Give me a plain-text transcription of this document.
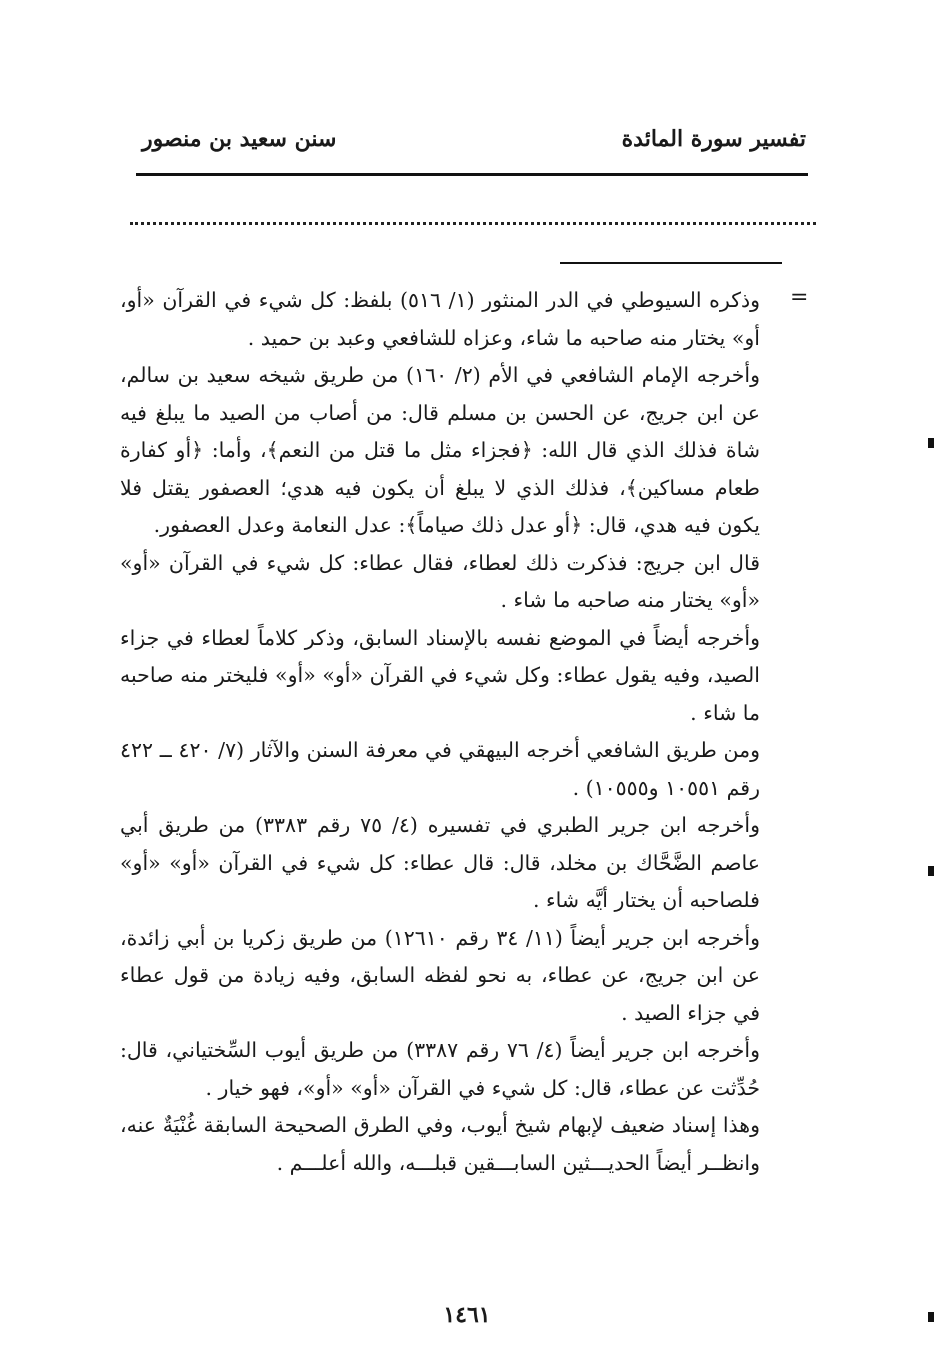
تفسير سورة المائدة
سنن سعيد بن منصور
=

وذكره السيوطي في الدر المنثور (١/ ٥١٦) بلفظ: كل شيء في القرآن «أو، أو» يختار منه صاحبه ما شاء، وعزاه للشافعي وعبد بن حميد .

وأخرجه الإمام الشافعي في الأم (٢/ ١٦٠) من طريق شيخه سعيد بن سالم، عن ابن جريج، عن الحسن بن مسلم قال: من أصاب من الصيد ما يبلغ فيه شاة فذلك الذي قال الله: ﴿فجزاء مثل ما قتل من النعم﴾، وأما: ﴿أو كفارة طعام مساكين﴾، فذلك الذي لا يبلغ أن يكون فيه هدي؛ العصفور يقتل فلا يكون فيه هدي، قال: ﴿أو عدل ذلك صياماً﴾: عدل النعامة وعدل العصفور.

قال ابن جريج: فذكرت ذلك لعطاء، فقال عطاء: كل شيء في القرآن «أو» «أو» يختار منه صاحبه ما شاء .

وأخرجه أيضاً في الموضع نفسه بالإسناد السابق، وذكر كلاماً لعطاء في جزاء الصيد، وفيه يقول عطاء: وكل شيء في القرآن «أو» «أو» فليختر منه صاحبه ما شاء .

ومن طريق الشافعي أخرجه البيهقي في معرفة السنن والآثار (٧/ ٤٢٠ ــ ٤٢٢ رقم ١٠٥٥١ و١٠٥٥٥) .

وأخرجه ابن جرير الطبري في تفسيره (٤/ ٧٥ رقم ٣٣٨٣) من طريق أبي عاصم الضَّحَّاك بن مخلد، قال: قال عطاء: كل شيء في القرآن «أو» «أو» فلصاحبه أن يختار أيَّه شاء .

وأخرجه ابن جرير أيضاً (١١/ ٣٤ رقم ١٢٦١٠) من طريق زكريا بن أبي زائدة، عن ابن جريج، عن عطاء، به نحو لفظه السابق، وفيه زيادة من قول عطاء في جزاء الصيد .

وأخرجه ابن جرير أيضاً (٤/ ٧٦ رقم ٣٣٨٧) من طريق أيوب السِّختياني، قال: حُدِّثت عن عطاء، قال: كل شيء في القرآن «أو» «أو»، فهو خيار .

وهذا إسناد ضعيف لإبهام شيخ أيوب، وفي الطرق الصحيحة السابقة غُنْيَةٌ عنه، وانظــر أيضاً الحديـــثين السابـــقين قبلـــه، والله أعلـــم .

١٤٦١
